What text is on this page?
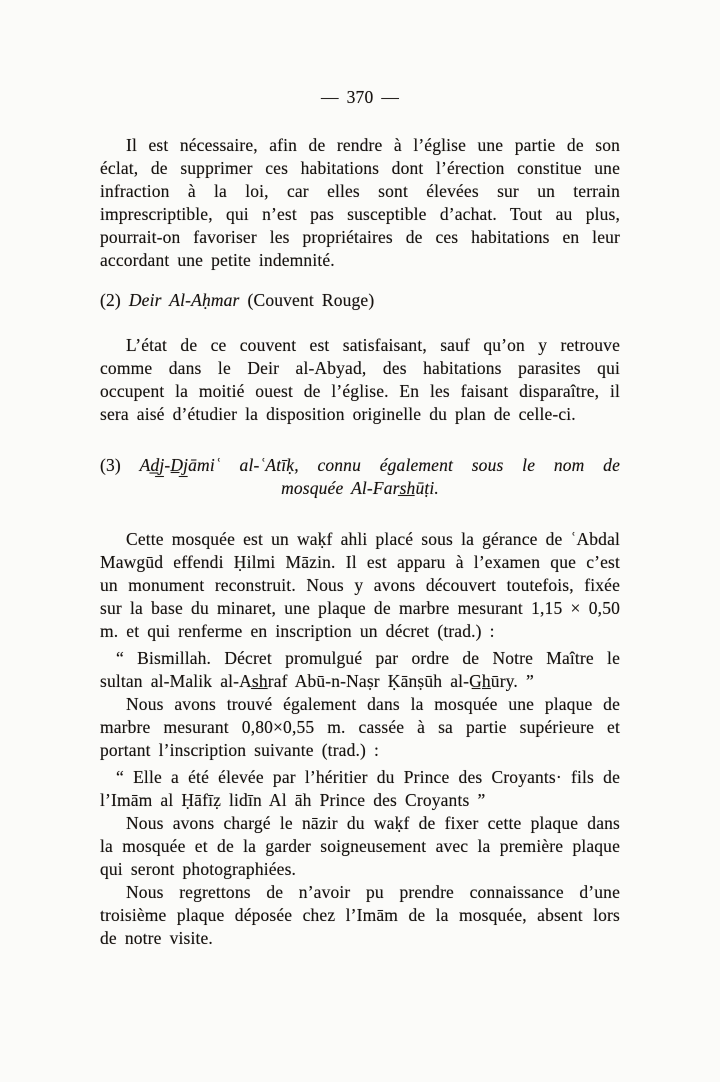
— 370 —

Il est nécessaire, afin de rendre à l’église une partie de son éclat, de supprimer ces habitations dont l’érection constitue une infraction à la loi, car elles sont élevées sur un terrain imprescriptible, qui n’est pas susceptible d’achat. Tout au plus, pourrait-on favoriser les propriétaires de ces habitations en leur accordant une petite indemnité.

(2) Deir Al-Aḥmar (Couvent Rouge)

L’état de ce couvent est satisfaisant, sauf qu’on y retrouve comme dans le Deir al-Abyad, des habitations parasites qui occupent la moitié ouest de l’église. En les faisant disparaître, il sera aisé d’étudier la disposition originelle du plan de celle-ci.

(3) Ad̲j̲-D̲j̲āmiʿ al-ʿAtīḳ, connu également sous le nom de
mosquée Al-Fars̲h̲ūṭi.

Cette mosquée est un waḳf ahli placé sous la gérance de ʿAbdal Mawgūd effendi Ḥilmi Māzin. Il est apparu à l’examen que c’est un monument reconstruit. Nous y avons découvert toutefois, fixée sur la base du minaret, une plaque de marbre mesurant 1,15 × 0,50 m. et qui renferme en inscription un décret (trad.) :

“ Bismillah. Décret promulgué par ordre de Notre Maître le sultan al-Malik al-As̲h̲raf Abū-n-Naṣr Ḳānṣūh al-G̲h̲ūry. ”

Nous avons trouvé également dans la mosquée une plaque de marbre mesurant 0,80×0,55 m. cassée à sa partie supérieure et portant l’inscription suivante (trad.) :

“ Elle a été élevée par l’héritier du Prince des Croyants· fils de l’Imām al Ḥāfīẓ lidīn Al āh Prince des Croyants ”

Nous avons chargé le nāzir du waḳf de fixer cette plaque dans la mosquée et de la garder soigneusement avec la première plaque qui seront photographiées.

Nous regrettons de n’avoir pu prendre connaissance d’une troisième plaque déposée chez l’Imām de la mosquée, absent lors de notre visite.
